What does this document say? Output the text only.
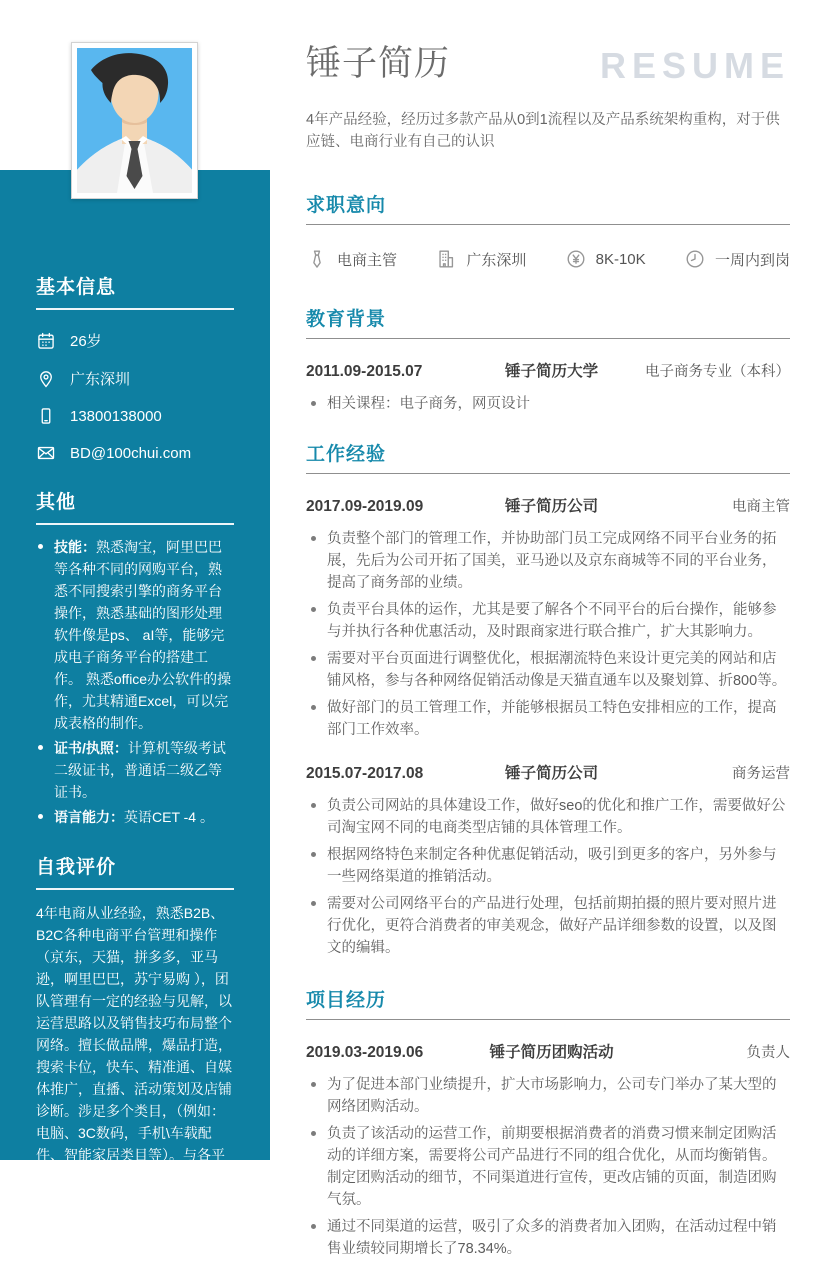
基本信息
26岁
广东深圳
13800138000
BD@100chui.com
其他
技能：熟悉淘宝，阿里巴巴等各种不同的网购平台，熟悉不同搜索引擎的商务平台操作，熟悉基础的图形处理软件像是ps、 aI等，能够完成电子商务平台的搭建工作。 熟悉office办公软件的操作，尤其精通Excel，可以完成表格的制作。
证书/执照：计算机等级考试二级证书，普通话二级乙等证书。
语言能力：英语CET -4 。
自我评价

4年电商从业经验，熟悉B2B、B2C各种电商平台管理和操作（京东，天猫，拼多多，亚马逊，啊里巴巴，苏宁易购 ），团队管理有一定的经验与见解，以运营思路以及销售技巧布局整个网络。擅长做品牌，爆品打造，搜索卡位，快车、精准通、自媒体推广，直播、活动策划及店铺诊断。涉足多个类目，（例如：电脑、3C数码，手机\车载配件、智能家居类目等）。与各平台对接小二关系良好。

锤子简历	RESUME

4年产品经验，经历过多款产品从0到1流程以及产品系统架构重构，对于供应链、电商行业有自己的认识

求职意向
电商主管	广东深圳	8K-10K	一周内到岗
教育背景
2011.09-2015.07	锤子简历大学	电子商务专业（本科）
相关课程：电子商务，网页设计
工作经验
2017.09-2019.09	锤子简历公司	电商主管
负责整个部门的管理工作，并协助部门员工完成网络不同平台业务的拓展，先后为公司开拓了国美，亚马逊以及京东商城等不同的平台业务，提高了商务部的业绩。
负责平台具体的运作，尤其是要了解各个不同平台的后台操作，能够参与并执行各种优惠活动，及时跟商家进行联合推广，扩大其影响力。
需要对平台页面进行调整优化，根据潮流特色来设计更完美的网站和店铺风格，参与各种网络促销活动像是天猫直通车以及聚划算、折800等。
做好部门的员工管理工作，并能够根据员工特色安排相应的工作，提高部门工作效率。
2015.07-2017.08	锤子简历公司	商务运营
负责公司网站的具体建设工作，做好seo的优化和推广工作，需要做好公司淘宝网不同的电商类型店铺的具体管理工作。
根据网络特色来制定各种优惠促销活动，吸引到更多的客户，另外参与一些网络渠道的推销活动。
需要对公司网络平台的产品进行处理，包括前期拍摄的照片要对照片进行优化，更符合消费者的审美观念，做好产品详细参数的设置，以及图文的编辑。
项目经历
2019.03-2019.06	锤子简历团购活动	负责人
为了促进本部门业绩提升，扩大市场影响力，公司专门举办了某大型的网络团购活动。
负责了该活动的运营工作，前期要根据消费者的消费习惯来制定团购活动的详细方案，需要将公司产品进行不同的组合优化，从而均衡销售。制定团购活动的细节，不同渠道进行宣传，更改店铺的页面，制造团购气氛。
通过不同渠道的运营，吸引了众多的消费者加入团购，在活动过程中销售业绩较同期增长了78.34%。
